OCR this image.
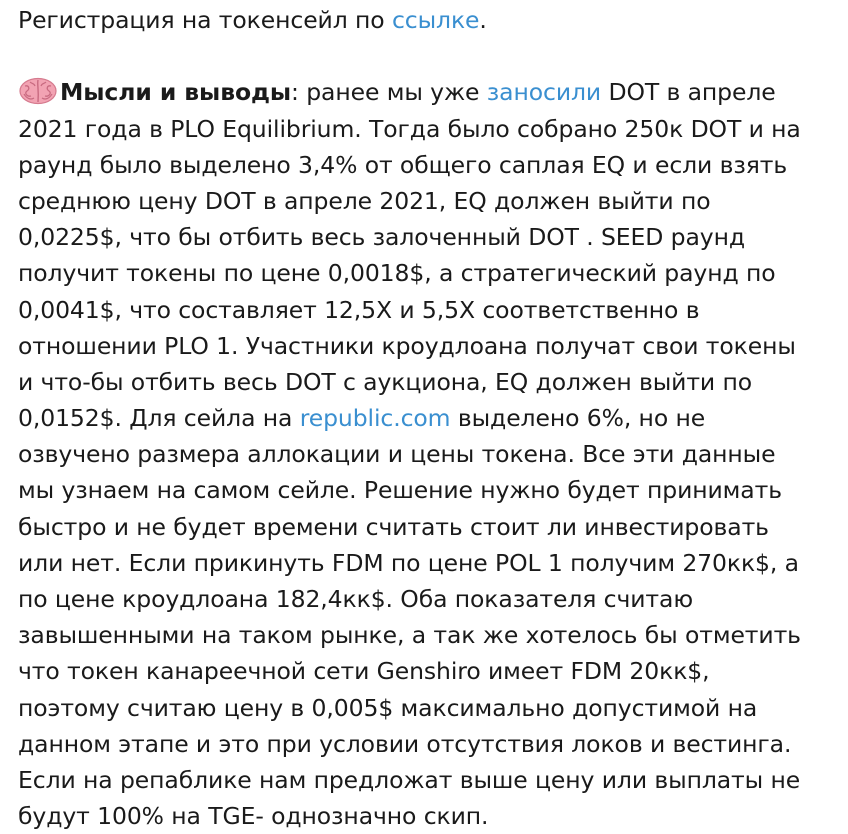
Регистрация на токенсейл по ссылке.
Мысли и выводы: ранее мы уже заносили DOT в апреле
2021 года в PLO Equilibrium. Тогда было собрано 250к DOT и на
раунд было выделено 3,4% от общего саплая EQ и если взять
среднюю цену DOT в апреле 2021, EQ должен выйти по
0,0225$, что бы отбить весь залоченный DOT . SEED раунд
получит токены по цене 0,0018$, а стратегический раунд по
0,0041$, что составляет 12,5X и 5,5X соответственно в
отношении PLO 1. Участники кроудлоана получат свои токены
и что-бы отбить весь DOT с аукциона, EQ должен выйти по
0,0152$. Для сейла на republic.com выделено 6%, но не
озвучено размера аллокации и цены токена. Все эти данные
мы узнаем на самом сейле. Решение нужно будет принимать
быстро и не будет времени считать стоит ли инвестировать
или нет. Если прикинуть FDM по цене POL 1 получим 270кк$, а
по цене кроудлоана 182,4кк$. Оба показателя считаю
завышенными на таком рынке, а так же хотелось бы отметить
что токен канареечной сети Genshiro имеет FDM 20кк$,
поэтому считаю цену в 0,005$ максимально допустимой на
данном этапе и это при условии отсутствия локов и вестинга.
Если на репаблике нам предложат выше цену или выплаты не
будут 100% на TGE- однозначно скип.
